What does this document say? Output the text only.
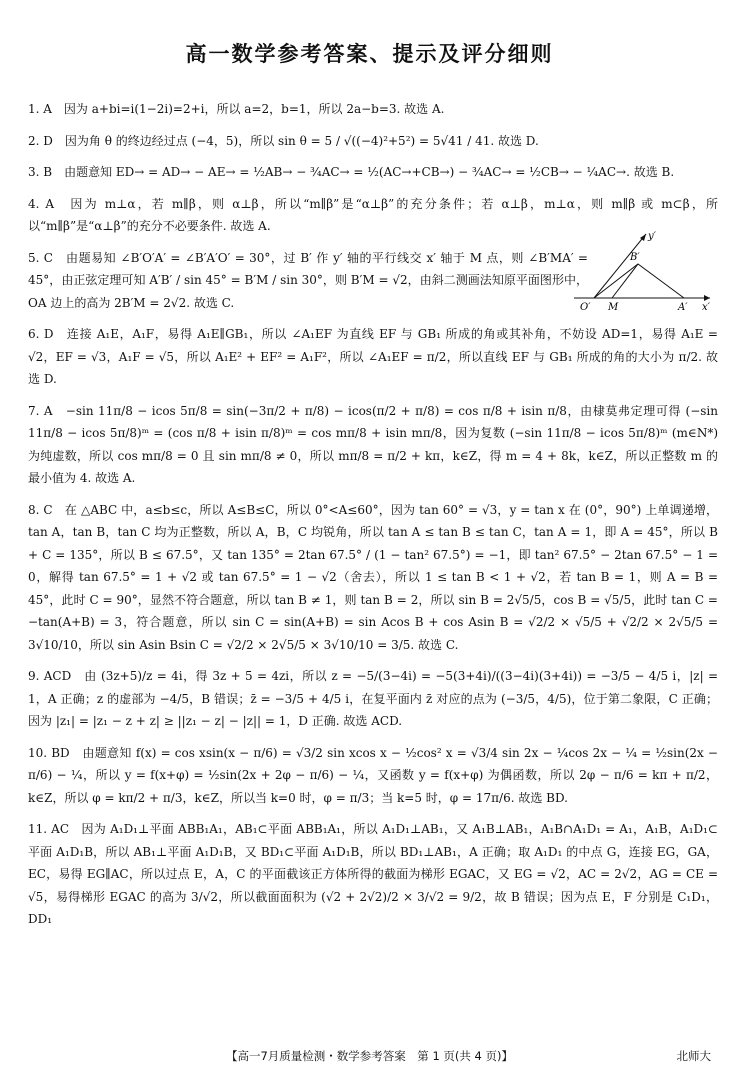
高一数学参考答案、提示及评分细则

1. A　因为 a+bi=i(1−2i)=2+i，所以 a=2，b=1，所以 2a−b=3. 故选 A.

2. D　因为角 θ 的终边经过点 (−4，5)，所以 sin θ = 5 / √((−4)²+5²) = 5√41 / 41. 故选 D.

3. B　由题意知 ED→ = AD→ − AE→ = ½AB→ − ¾AC→ = ½(AC→+CB→) − ¾AC→ = ½CB→ − ¼AC→. 故选 B.

4. A　因为 m⊥α，若 m∥β，则 α⊥β，所以“m∥β”是“α⊥β”的充分条件；若 α⊥β，m⊥α，则 m∥β 或 m⊂β，所以“m∥β”是“α⊥β”的充分不必要条件. 故选 A.

5. C　由题易知 ∠B′O′A′ = ∠B′A′O′ = 30°，过 B′ 作 y′ 轴的平行线交 x′ 轴于 M 点，则 ∠B′MA′ = 45°，由正弦定理可知 A′B′ / sin 45° = B′M / sin 30°，则 B′M = √2，由斜二测画法知原平面图形中，OA 边上的高为 2B′M = 2√2. 故选 C.

6. D　连接 A₁E，A₁F，易得 A₁E∥GB₁，所以 ∠A₁EF 为直线 EF 与 GB₁ 所成的角或其补角，不妨设 AD=1，易得 A₁E = √2，EF = √3，A₁F = √5，所以 A₁E² + EF² = A₁F²，所以 ∠A₁EF = π/2，所以直线 EF 与 GB₁ 所成的角的大小为 π/2. 故选 D.

7. A　−sin 11π/8 − icos 5π/8 = sin(−3π/2 + π/8) − icos(π/2 + π/8) = cos π/8 + isin π/8，由棣莫弗定理可得 (−sin 11π/8 − icos 5π/8)ᵐ = (cos π/8 + isin π/8)ᵐ = cos mπ/8 + isin mπ/8，因为复数 (−sin 11π/8 − icos 5π/8)ᵐ (m∈N*) 为纯虚数，所以 cos mπ/8 = 0 且 sin mπ/8 ≠ 0，所以 mπ/8 = π/2 + kπ，k∈Z，得 m = 4 + 8k，k∈Z，所以正整数 m 的最小值为 4. 故选 A.

8. C　在 △ABC 中，a≤b≤c，所以 A≤B≤C，所以 0°<A≤60°，因为 tan 60° = √3，y = tan x 在 (0°，90°) 上单调递增，tan A，tan B，tan C 均为正整数，所以 A，B，C 均锐角，所以 tan A ≤ tan B ≤ tan C，tan A = 1，即 A = 45°，所以 B + C = 135°，所以 B ≤ 67.5°，又 tan 135° = 2tan 67.5° / (1 − tan² 67.5°) = −1，即 tan² 67.5° − 2tan 67.5° − 1 = 0，解得 tan 67.5° = 1 + √2 或 tan 67.5° = 1 − √2（舍去），所以 1 ≤ tan B < 1 + √2，若 tan B = 1，则 A = B = 45°，此时 C = 90°，显然不符合题意，所以 tan B ≠ 1，则 tan B = 2，所以 sin B = 2√5/5，cos B = √5/5，此时 tan C = −tan(A+B) = 3，符合题意，所以 sin C = sin(A+B) = sin Acos B + cos Asin B = √2/2 × √5/5 + √2/2 × 2√5/5 = 3√10/10，所以 sin Asin Bsin C = √2/2 × 2√5/5 × 3√10/10 = 3/5. 故选 C.

9. ACD　由 (3z+5)/z = 4i，得 3z + 5 = 4zi，所以 z = −5/(3−4i) = −5(3+4i)/((3−4i)(3+4i)) = −3/5 − 4/5 i，|z| = 1，A 正确；z 的虚部为 −4/5，B 错误；z̄ = −3/5 + 4/5 i，在复平面内 z̄ 对应的点为 (−3/5，4/5)，位于第二象限，C 正确；因为 |z₁| = |z₁ − z + z| ≥ ||z₁ − z| − |z|| = 1，D 正确. 故选 ACD.

10. BD　由题意知 f(x) = cos xsin(x − π/6) = √3/2 sin xcos x − ½cos² x = √3/4 sin 2x − ¼cos 2x − ¼ = ½sin(2x − π/6) − ¼，所以 y = f(x+φ) = ½sin(2x + 2φ − π/6) − ¼，又函数 y = f(x+φ) 为偶函数，所以 2φ − π/6 = kπ + π/2，k∈Z，所以 φ = kπ/2 + π/3，k∈Z，所以当 k=0 时，φ = π/3；当 k=5 时，φ = 17π/6. 故选 BD.

11. AC　因为 A₁D₁⊥平面 ABB₁A₁，AB₁⊂平面 ABB₁A₁，所以 A₁D₁⊥AB₁，又 A₁B⊥AB₁，A₁B∩A₁D₁ = A₁，A₁B，A₁D₁⊂平面 A₁D₁B，所以 AB₁⊥平面 A₁D₁B，又 BD₁⊂平面 A₁D₁B，所以 BD₁⊥AB₁，A 正确；取 A₁D₁ 的中点 G，连接 EG，GA，EC，易得 EG∥AC，所以过点 E，A，C 的平面截该正方体所得的截面为梯形 EGAC，又 EG = √2，AC = 2√2，AG = CE = √5，易得梯形 EGAC 的高为 3/√2，所以截面面积为 (√2 + 2√2)/2 × 3/√2 = 9/2，故 B 错误；因为点 E，F 分别是 C₁D₁，DD₁

y′
B′
O′ M	A′ x′
【高一7月质量检测・数学参考答案　第 1 页(共 4 页)】	北师大
